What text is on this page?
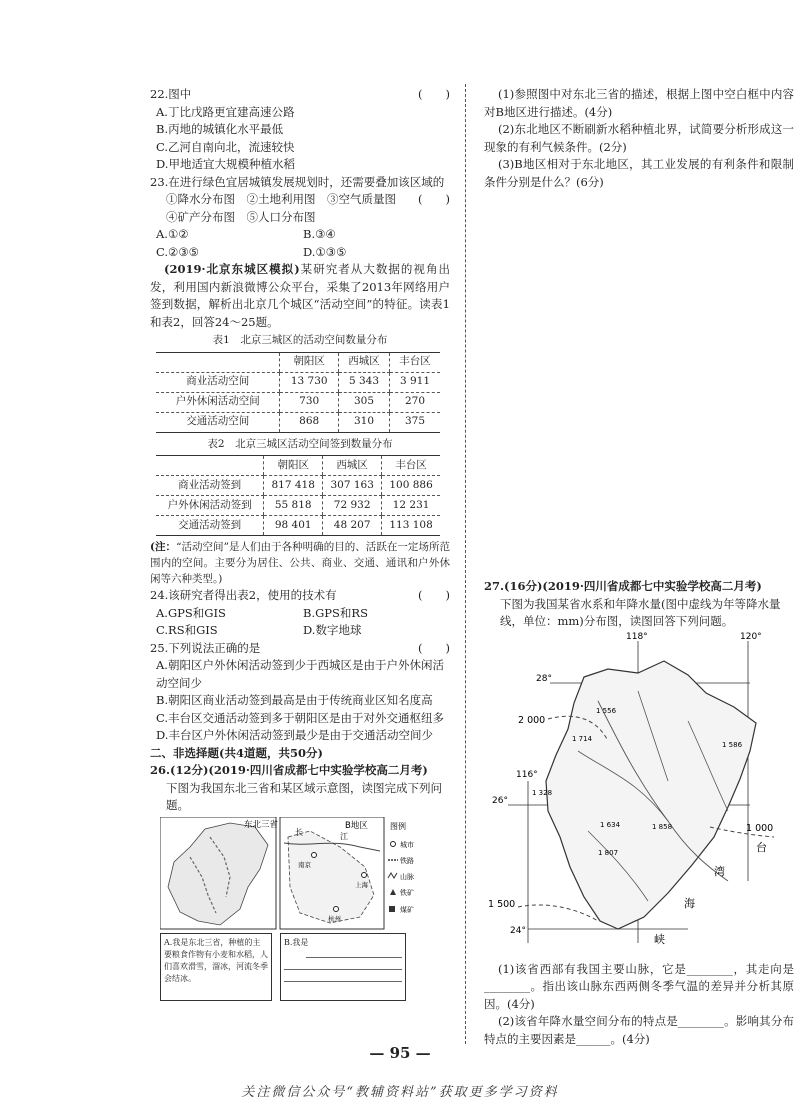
22.图中	(　　)
A.丁比戊路更宜建高速公路
B.丙地的城镇化水平最低
C.乙河自南向北，流速较快
D.甲地适宜大规模种植水稻
23.在进行绿色宜居城镇发展规划时，还需要叠加该区域的
(　　)
①降水分布图　②土地利用图　③空气质量图　④矿产分布图　⑤人口分布图
A.①②	B.③④
C.②③⑤	D.①③⑤
(2019·北京东城区模拟)某研究者从大数据的视角出发，利用国内新浪微博公众平台，采集了2013年网络用户签到数据，解析出北京几个城区“活动空间”的特征。读表1和表2，回答24～25题。
表1　北京三城区的活动空间数量分布
	朝阳区	西城区	丰台区
商业活动空间	13 730	5 343	3 911
户外休闲活动空间	730	305	270
交通活动空间	868	310	375
表2　北京三城区活动空间签到数量分布
	朝阳区	西城区	丰台区
商业活动签到	817 418	307 163	100 886
户外休闲活动签到	55 818	72 932	12 231
交通活动签到	98 401	48 207	113 108
(注：“活动空间”是人们由于各种明确的目的、活跃在一定场所范围内的空间。主要分为居住、公共、商业、交通、通讯和户外休闲等六种类型。)
24.该研究者得出表2，使用的技术有	(　　)
A.GPS和GIS	B.GPS和RS
C.RS和GIS	D.数字地球
25.下列说法正确的是	(　　)
A.朝阳区户外休闲活动签到少于西城区是由于户外休闲活动空间少
B.朝阳区商业活动签到最高是由于传统商业区知名度高
C.丰台区交通活动签到多于朝阳区是由于对外交通枢纽多
D.丰台区户外休闲活动签到最少是由于交通活动空间少
二、非选择题(共4道题，共50分)
26.(12分)(2019·四川省成都七中实验学校高二月考)
下图为我国东北三省和某区域示意图，读图完成下列问题。
东北三省	B地区
长	江
南京
上海
杭州
图例
城市
铁路
山脉
铁矿
煤矿
A.我是东北三省，种植的主要粮食作物有小麦和水稻，人们喜欢滑雪，溜冰，河流冬季会结冰。
B.我是
(1)参照图中对东北三省的描述，根据上图中空白框中内容对B地区进行描述。(4分)
(2)东北地区不断刷新水稻种植北界，试简要分析形成这一现象的有利气候条件。(2分)
(3)B地区相对于东北地区，其工业发展的有利条件和限制条件分别是什么？(6分)
27.(16分)(2019·四川省成都七中实验学校高二月考)
下图为我国某省水系和年降水量(图中虚线为年等降水量线，单位：mm)分布图，读图回答下列问题。
118°	120°
116°
28°
26°
24°
2 000
1 000
1 500
1 714
1 586
1 328
1 634	1 858
1 807
1 556
台
湾
海
峡
(1)该省西部有我国主要山脉，它是________，其走向是________。指出该山脉东西两侧冬季气温的差异并分析其原因。(4分)
(2)该省年降水量空间分布的特点是________。影响其分布特点的主要因素是______。(4分)
— 95 —
关注微信公众号“教辅资料站”获取更多学习资料
